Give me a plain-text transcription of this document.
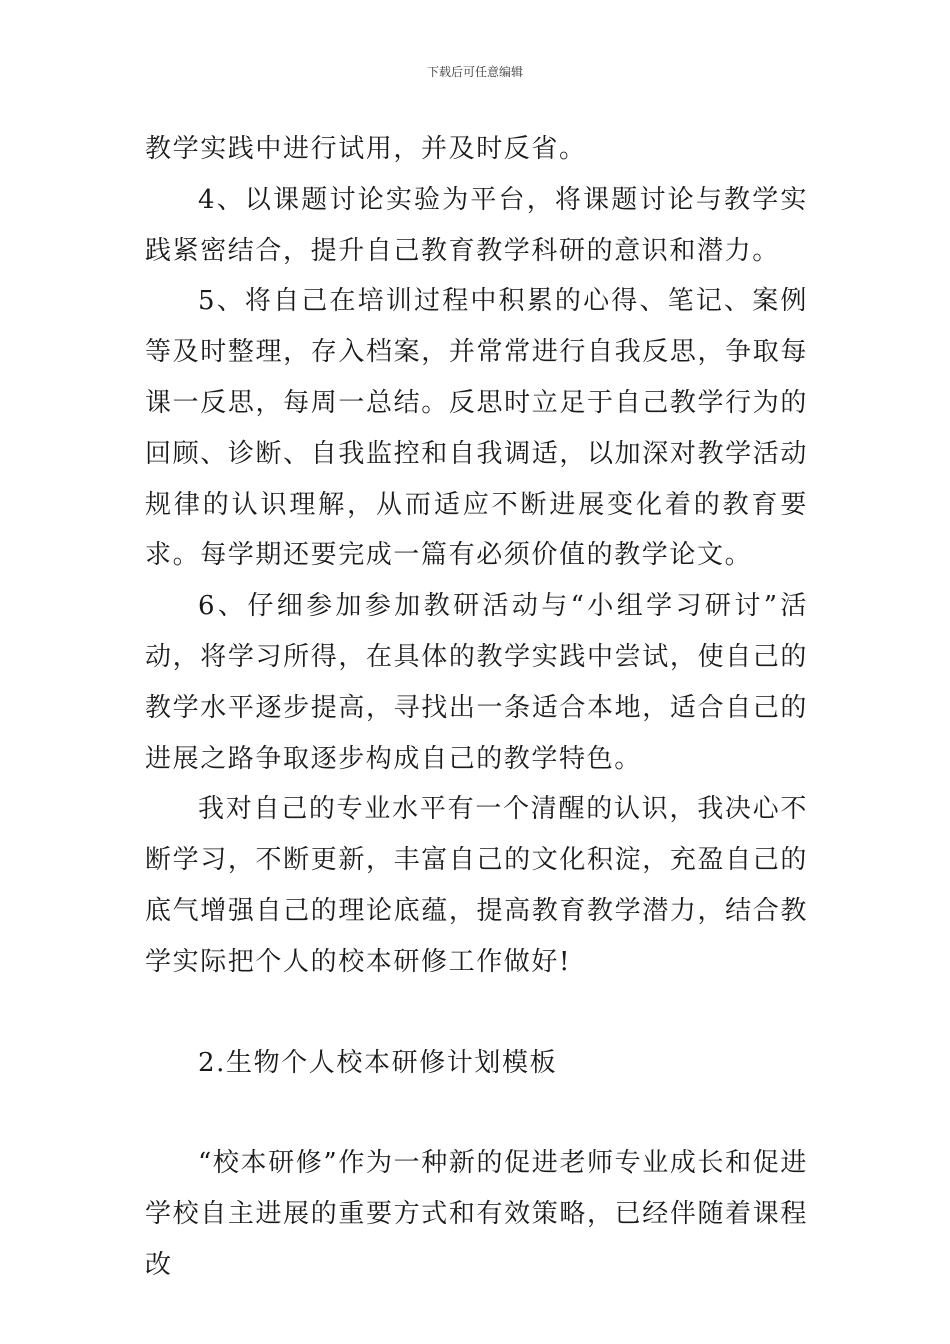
下载后可任意编辑

教学实践中进行试用，并及时反省。

4、以课题讨论实验为平台，将课题讨论与教学实践紧密结合，提升自己教育教学科研的意识和潜力。

5、将自己在培训过程中积累的心得、笔记、案例等及时整理，存入档案，并常常进行自我反思，争取每课一反思，每周一总结。反思时立足于自己教学行为的回顾、诊断、自我监控和自我调适，以加深对教学活动规律的认识理解，从而适应不断进展变化着的教育要求。每学期还要完成一篇有必须价值的教学论文。

6、仔细参加参加教研活动与“小组学习研讨”活动，将学习所得，在具体的教学实践中尝试，使自己的教学水平逐步提高，寻找出一条适合本地，适合自己的进展之路争取逐步构成自己的教学特色。

我对自己的专业水平有一个清醒的认识，我决心不断学习，不断更新，丰富自己的文化积淀，充盈自己的底气增强自己的理论底蕴，提高教育教学潜力，结合教学实际把个人的校本研修工作做好!

2.生物个人校本研修计划模板

“校本研修”作为一种新的促进老师专业成长和促进学校自主进展的重要方式和有效策略，已经伴随着课程改
